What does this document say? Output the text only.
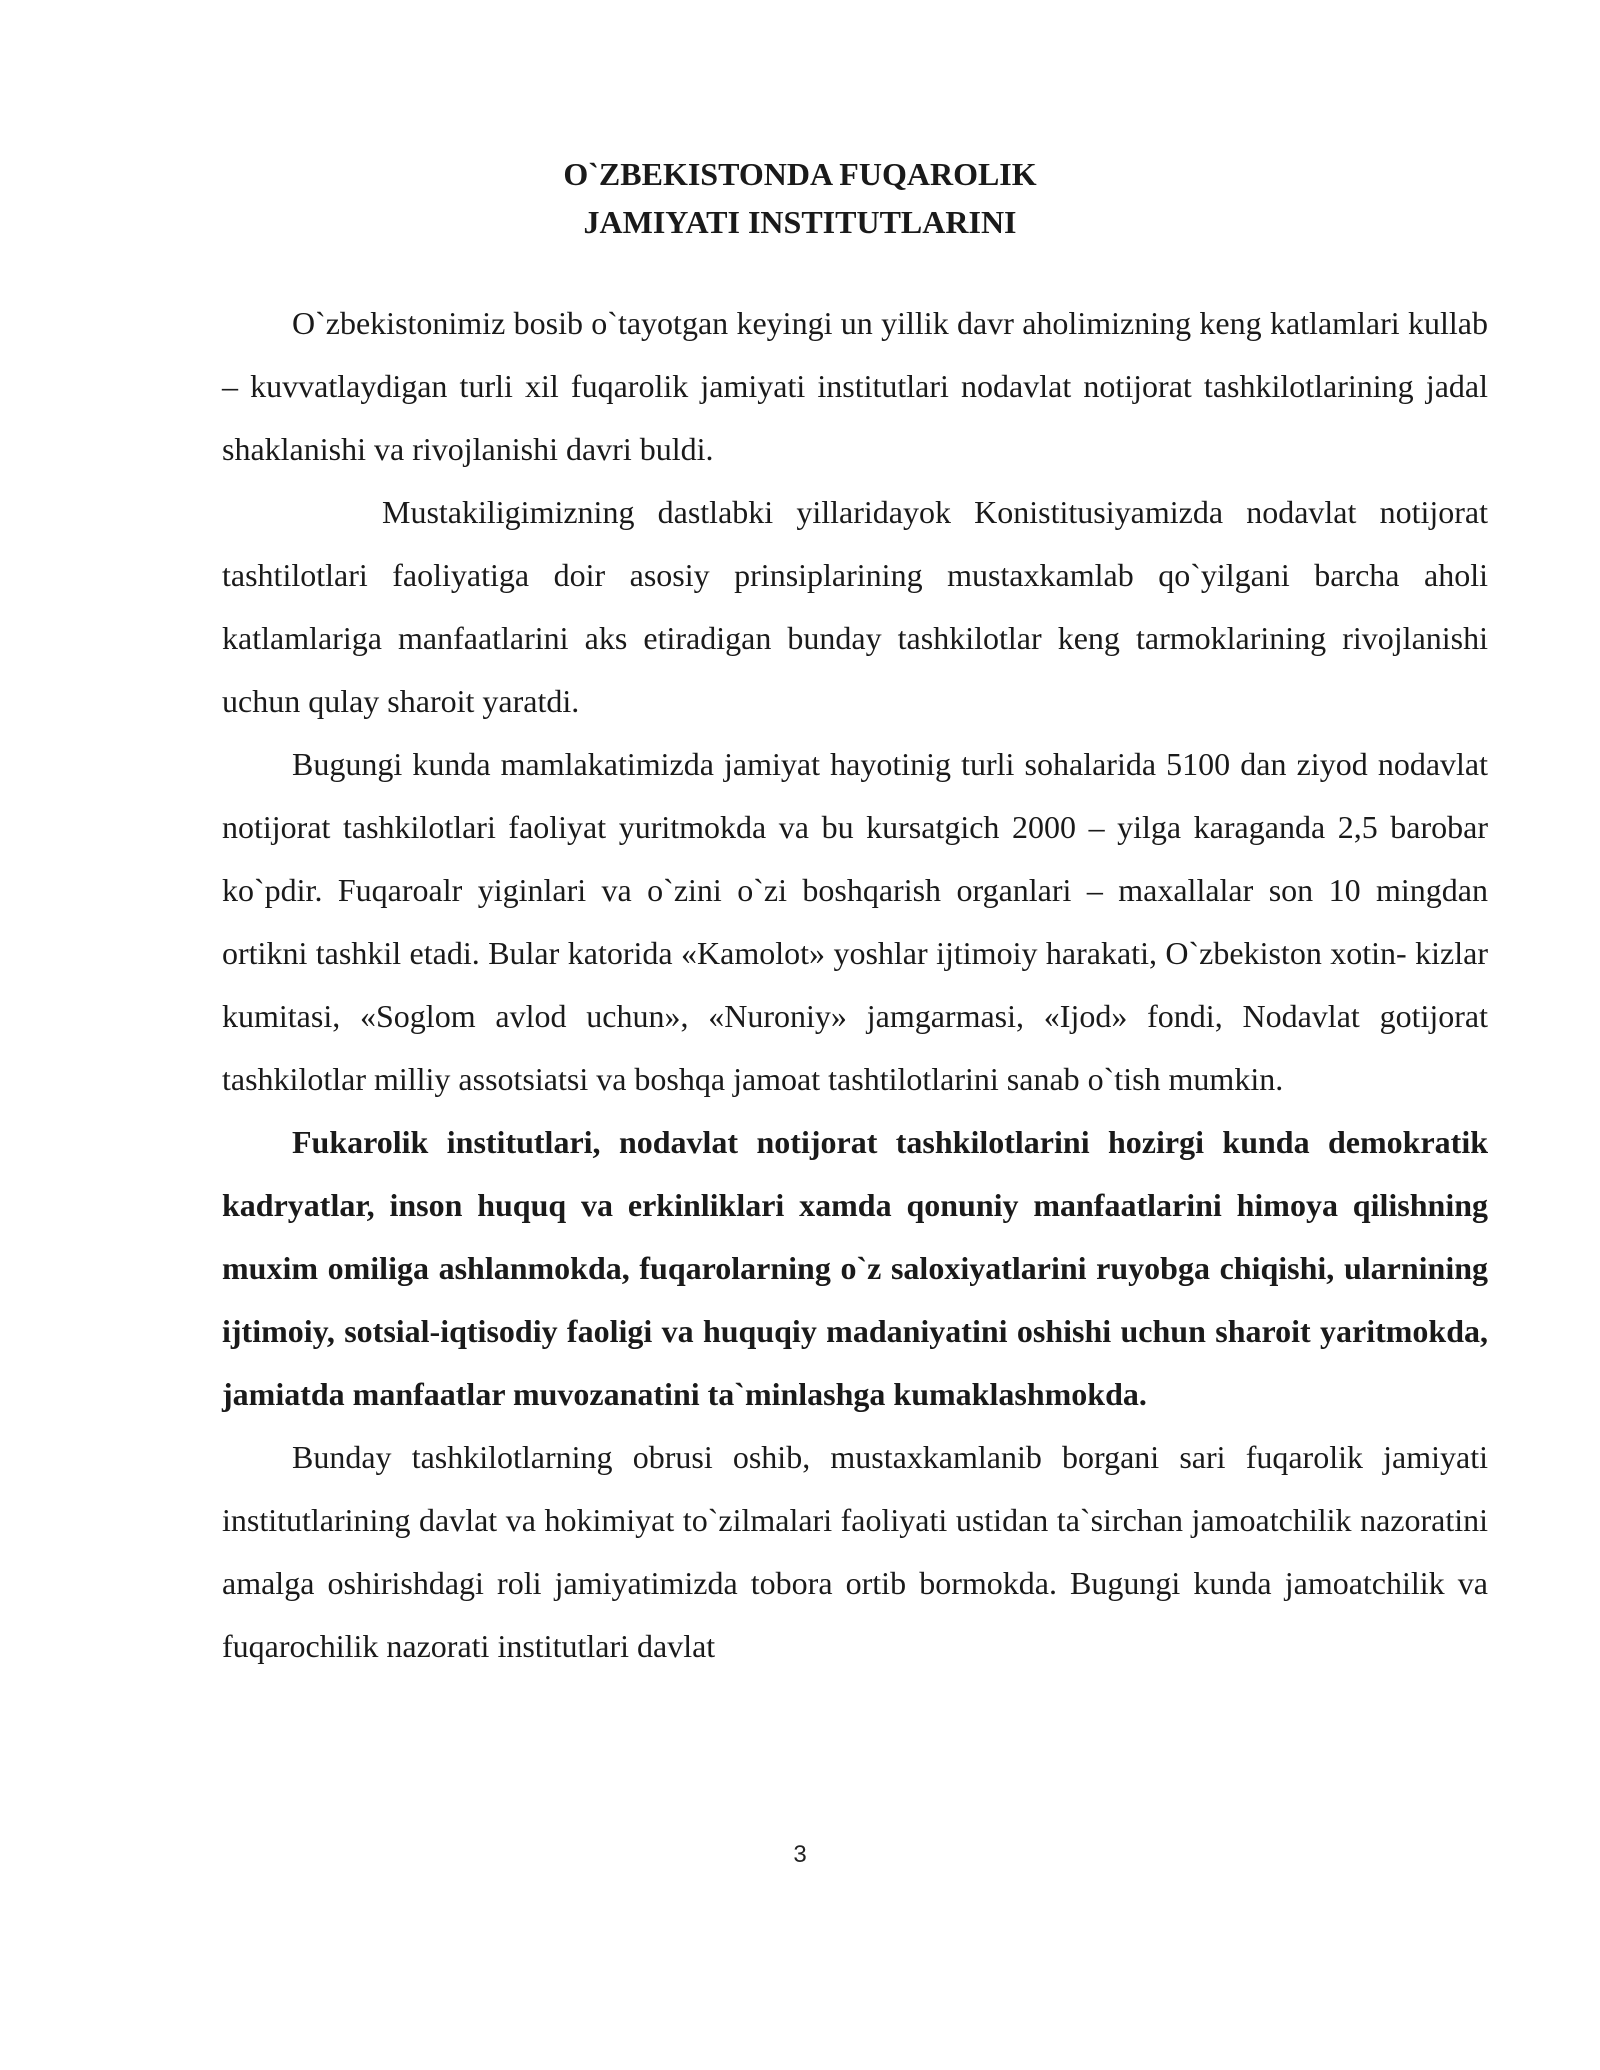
O`ZBEKISTONDA FUQAROLIK
JAMIYATI INSTITUTLARINI

O`zbekistonimiz bosib o`tayotgan keyingi un yillik davr aholimizning keng katlamlari kullab – kuvvatlaydigan turli xil fuqarolik jamiyati institutlari nodavlat notijorat tashkilotlarining jadal shaklanishi va rivojlanishi davri buldi.

Mustakiligimizning dastlabki yillaridayok Konistitusiyamizda nodavlat notijorat tashtilotlari faoliyatiga doir asosiy prinsiplarining mustaxkamlab qo`yilgani barcha aholi katlamlariga manfaatlarini aks etiradigan bunday tashkilotlar keng tarmoklarining rivojlanishi uchun qulay sharoit yaratdi.

Bugungi kunda mamlakatimizda jamiyat hayotinig turli sohalarida 5100 dan ziyod nodavlat notijorat tashkilotlari faoliyat yuritmokda va bu kursatgich 2000 – yilga karaganda 2,5 barobar ko`pdir. Fuqaroalr yiginlari va o`zini o`zi boshqarish organlari – maxallalar son 10 mingdan ortikni tashkil etadi. Bular katorida «Kamolot» yoshlar ijtimoiy harakati, O`zbekiston xotin- kizlar kumitasi, «Soglom avlod uchun», «Nuroniy» jamgarmasi, «Ijod» fondi, Nodavlat gotijorat tashkilotlar milliy assotsiatsi va boshqa jamoat tashtilotlarini sanab o`tish mumkin.

Fukarolik institutlari, nodavlat notijorat tashkilotlarini hozirgi kunda demokratik kadryatlar, inson huquq va erkinliklari xamda qonuniy manfaatlarini himoya qilishning muxim omiliga ashlanmokda, fuqarolarning o`z saloxiyatlarini ruyobga chiqishi, ularnining ijtimoiy, sotsial-iqtisodiy faoligi va huquqiy madaniyatini oshishi uchun sharoit yaritmokda, jamiatda manfaatlar muvozanatini ta`minlashga kumaklashmokda.

Bunday tashkilotlarning obrusi oshib, mustaxkamlanib borgani sari fuqarolik jamiyati institutlarining davlat va hokimiyat to`zilmalari faoliyati ustidan ta`sirchan jamoatchilik nazoratini amalga oshirishdagi roli jamiyatimizda tobora ortib bormokda. Bugungi kunda jamoatchilik va fuqarochilik nazorati institutlari davlat

3
